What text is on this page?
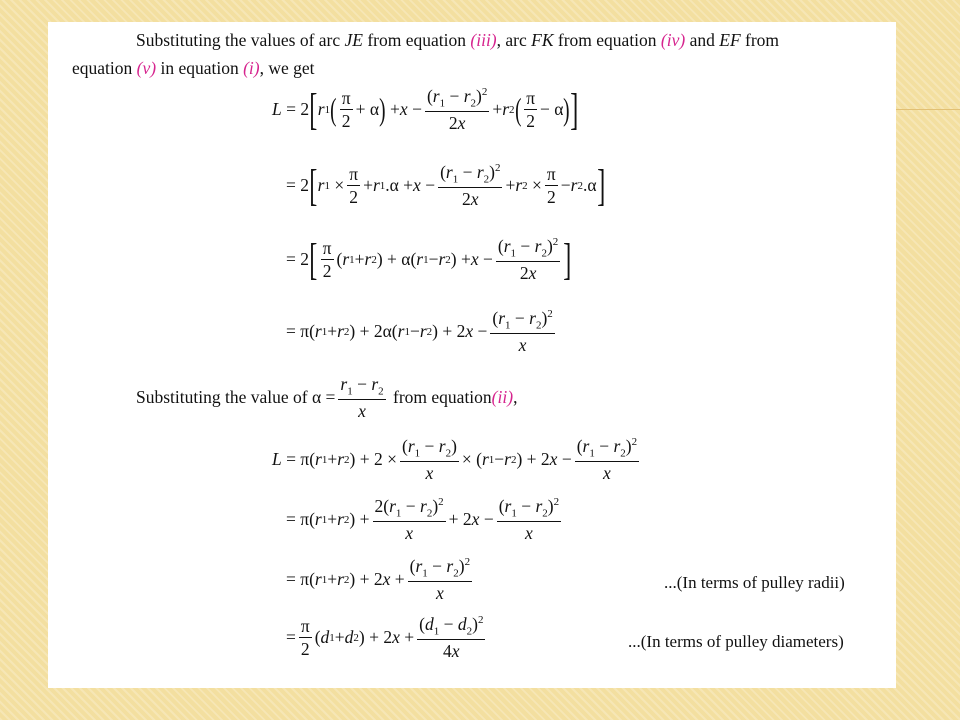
Substituting the values of arc JE from equation (iii), arc FK from equation (iv) and EF from
equation (v) in equation (i), we get
L = 2 [ r 1 ( $\frac{\pi}{2} + \alpha$ ) + $x - \frac{(r_1 - r_2)^2}{2x} + r$ 2 ( $\frac{\pi}{2} - \alpha$ ) ]
= 2 [ r $1 \times \frac{\pi}{2} + r$ 1 $.\alpha + x - \frac{(r_1 - r_2)^2}{2x} + r$ $2 \times \frac{\pi}{2} - r$ 2 .α ]
= 2 [ $\frac{\pi}{2}$ ( r 1 + r 2 ) + α( r 1 − r 2 ) + $x - \frac{(r_1 - r_2)^2}{2x}$ ]
= π( r 1 + r 2 ) + 2α( r 1 − r 2 ) + 2 $x - \frac{(r_1 - r_2)^2}{x}$
Substituting the value of $\alpha = \frac{r_1 - r_2}{x}$
from equation (ii) ,
L = π( r 1 + r 2 ) + $2 \times \frac{(r_1 - r_2)}{x}$ × ( r 1 − r 2 ) + 2 $x - \frac{(r_1 - r_2)^2}{x}$
= π( r 1 + r 2 ) + $\frac{2(r_1 - r_2)^2}{x} + 2$ $x - \frac{(r_1 - r_2)^2}{x}$
= π( r 1 + r 2 ) + 2 $x + \frac{(r_1 - r_2)^2}{x}$	...(In terms of pulley radii)
= $\frac{\pi}{2}$ ( d 1 + d 2 ) + 2 $x + \frac{(d_1 - d_2)^2}{4x}$	...(In terms of pulley diameters)
